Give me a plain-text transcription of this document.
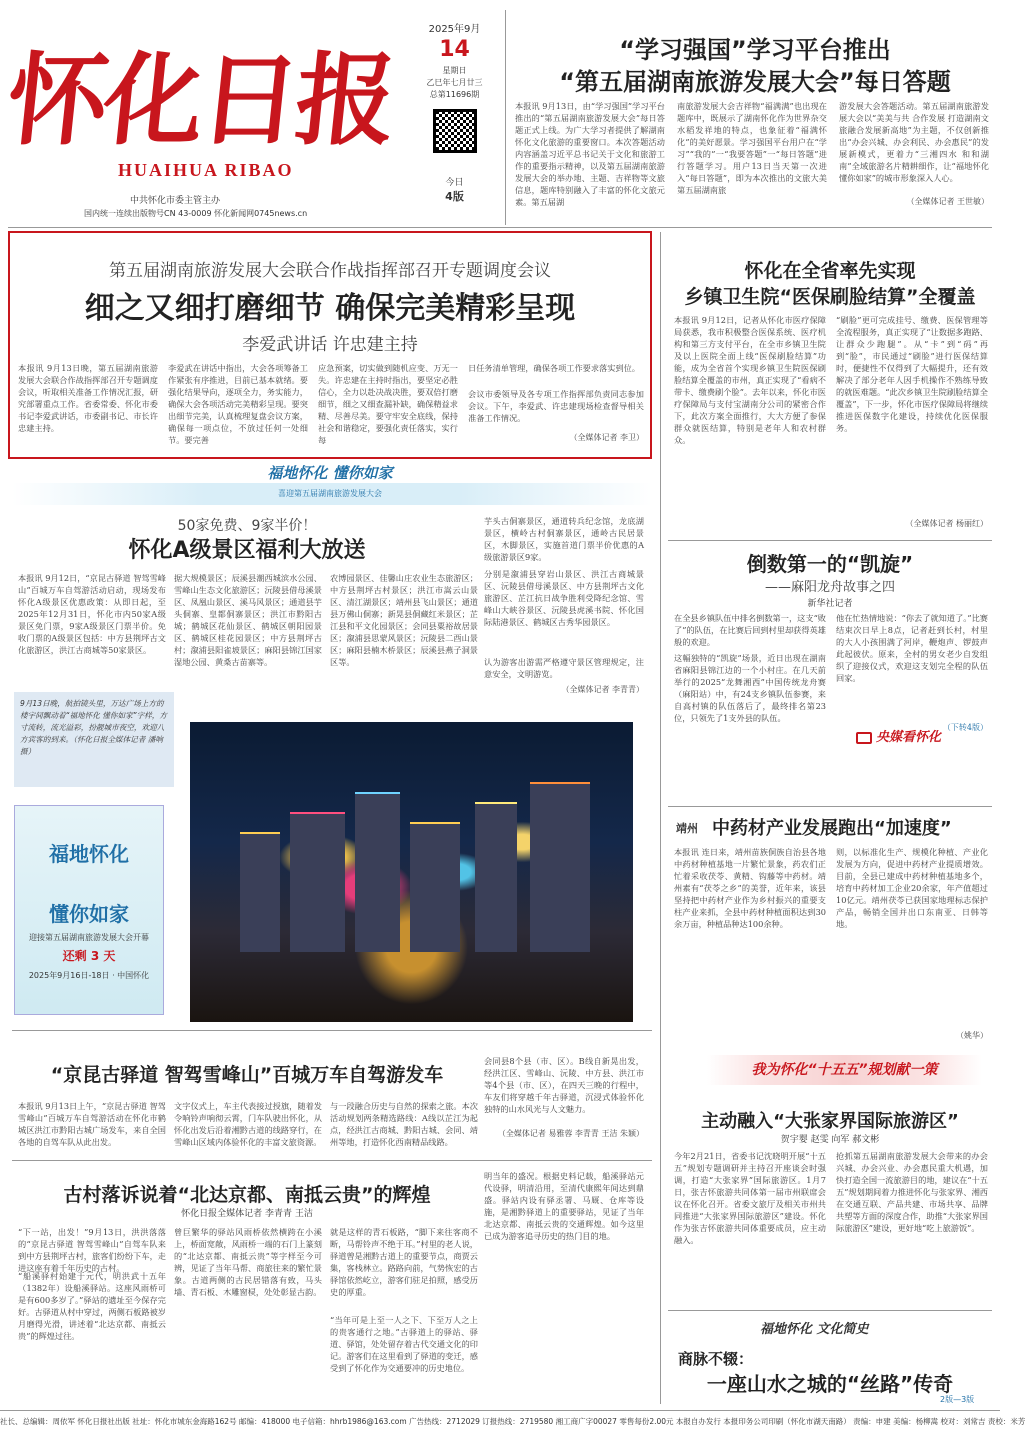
怀化日报
HUAIHUA RIBAO
中共怀化市委主管主办
国内统一连续出版物号CN 43-0009 怀化新闻网0745news.cn
2025年9月
14
星期日
乙巳年七月廿三
总第11696期
今日
4版
“学习强国”学习平台推出
“第五届湖南旅游发展大会”每日答题
本报讯 9月13日，由“学习强国”学习平台推出的“第五届湖南旅游发展大会”每日答题正式上线。为广大学习者提供了解湖南怀化文化旅游的重要窗口。本次答题活动内容涵盖习近平总书记关于文化和旅游工作的重要指示精神，以及第五届湖南旅游发展大会的举办地、主题、吉祥物等文旅信息，题库特别融入了丰富的怀化文旅元素。第五届湖
南旅游发展大会吉祥物“福满满”也出现在题库中，既展示了湖南怀化作为世界杂交水稻发祥地的特点，也象征着“福满怀化”的美好愿景。学习强国平台用户在“学习”“我的”一“我要答题”一“每日答题”进行答题学习。用户13日当天第一次进入“每日答题”，即为本次推出的文旅大美第五届湖南旅
游发展大会答题活动。第五届湖南旅游发展大会以“美美与共 合作发展 打造湖南文旅融合发展新高地”为主题，不仅创新推出“办会兴城、办会利民、办会惠民”的发展新模式，更着力“三湘四水 和和湖南”全域旅游名片精耕细作，让“福地怀化 懂你如家”的城市形象深入人心。
（全媒体记者 王世敏）
第五届湖南旅游发展大会联合作战指挥部召开专题调度会议
细之又细打磨细节 确保完美精彩呈现
李爱武讲话 许忠建主持
本报讯 9月13日晚，第五届湖南旅游发展大会联合作战指挥部召开专题调度会议，听取相关准备工作情况汇报，研究部署重点工作。省委常委、怀化市委书记李爱武讲话，市委副书记、市长许忠建主持。
李爱武在讲话中指出，大会各项筹备工作紧张有序推进，目前已基本就绪。要强化结果导向，逐项全力，务实能力，确保大会各项活动完美精彩呈现。要突出细节完美，认真梳理复盘会议方案，确保每一项点位，不放过任何一处细节。要完善
应急预案，切实做到随机应变、万无一失。许忠建在主持时指出，要坚定必胜信心，全力以赴决战决胜，要双倍打磨细节，细之又细查漏补缺，确保精益求精、尽善尽美。要守牢安全底线，保持社会和谐稳定，要强化责任落实，实行每
日任务清单管理，确保各项工作要求落实到位。
会议市委领导及各专项工作指挥部负责同志参加会议。下午，李爱武、许忠建现场检查督导相关准备工作情况。
（全媒体记者 李卫）
福地怀化 懂你如家
喜迎第五届湖南旅游发展大会
50家免费、9家半价！
怀化A级景区福利大放送
芋头古侗寨景区，通道转兵纪念馆，龙底湖景区，横岭古村侗寨景区，通岭古民居景区，木脚景区，实施首道门票半价优惠的A级旅游景区9家。
本报讯 9月12日，“京昆古驿道 智驾雪峰山”百城万车自驾游活动启动，现场发布怀化A级景区优惠政策：从即日起，至2025年12月31日，怀化市内50家A级景区免门票，9家A级景区门票半价。免收门票的A级景区包括：中方县荆坪古文化旅游区，洪江古商城等50家景区。
据大规模景区；辰溪县潮西城滨水公园、雪峰山生态文化旅游区；沅陵县借母溪景区、凤凰山景区、溪马风景区；通道县芋头侗寨、皇都侗寨景区；洪江市黔阳古城；鹤城区花仙景区、鹤城区朝阳园景区、鹤城区桂花园景区；中方县荆坪古村；溆浦县阳雀坡景区；麻阳县锦江国家湿地公园、黄桑古苗寨等。
农博园景区、佳馨山庄农业生态旅游区；中方县荆坪古村景区；洪江市嵩云山景区、清江湖景区；靖州县飞山景区；通道县万佛山侗寨；新晃县侗藏红米景区；芷江县和平文化园景区；会同县粟裕故居景区；溆浦县思蒙风景区；沅陵县二酉山景区；麻阳县楠木桥景区；辰溪县燕子洞景区等。
分别是溆浦县穿岩山景区、洪江古商城景区、沅陵县借母溪景区、中方县荆坪古文化旅游区、芷江抗日战争胜利受降纪念馆、雪峰山大峡谷景区、沅陵县虎溪书院、怀化国际陆港景区、鹤城区古秀华园景区。
认为游客出游需严格遵守景区管理规定，注意安全，文明游览。
（全媒体记者 李青青）
9月13日晚，航拍镜头里，万达广场上方的楼宇间飘动着“福地怀化 懂你如家”字样，方寸流转，流光溢彩，扮靓城市夜空，欢迎八方宾客的到来。（怀化日报全媒体记者 潘响 摄）
福地怀化
懂你如家
迎接第五届湖南旅游发展大会开幕
还剩 3 天
2025年9月16日-18日 · 中国怀化
“京昆古驿道 智驾雪峰山”百城万车自驾游发车
会同县8个县（市、区）。B线自新晃出发，经洪江区、雪峰山、沅陵、中方县、洪江市等4个县（市、区），在四天三晚的行程中，车友们将穿越千年古驿道，沉浸式体验怀化独特的山水风光与人文魅力。
本报讯 9月13日上午，“京昆古驿道 智驾雪峰山”百城万车自驾游活动在怀化市鹤城区洪江市黔阳古城广场发车，来自全国各地的自驾车队从此出发。
文字仪式上，车主代表接过授旗，随着发令响铃声响彻云霄，门车队驶出怀化，从怀化出发后沿着湘黔古道的线路穿行，在雪峰山区域内体验怀化的丰富文旅资源。
与一段融合历史与自然的探索之旅。本次活动规划两条精选路线：A线以芷江为起点，经洪江古商城、黔阳古城、会同、靖州等地，打造怀化西南精品线路。
（全媒体记者 易雅蓉 李青青 王洁 朱颖）
古村落诉说着“北达京都、南抵云贵”的辉煌
怀化日报全媒体记者 李青青 王洁
明当年的盛况。根据史料记载，船溪驿站元代设驿，明清沿用，至清代康熙年间达到鼎盛。驿站内设有驿丞署、马厩、仓库等设施，是湘黔驿道上的重要驿站，见证了当年北达京都、南抵云贵的交通辉煌。如今这里已成为游客追寻历史的热门目的地。
“下一站，出发！”9月13日，洪洪落落的“京昆古驿道 智驾雪峰山”自驾车队来到中方县荆坪古村，旅客们纷纷下车，走进这座有着千年历史的古村。
“船溪驿村始建于元代，明洪武十五年（1382年）设船溪驿站。这座风雨桥可是有600多岁了。”驿站的遗址至今保存完好。古驿道从村中穿过，两侧石板路被岁月磨得光滑，讲述着“北达京都、南抵云贵”的辉煌过往。
曾巨繁华的驿站风雨桥依然横跨在小溪上，桥面宽敞，风雨桥一端的石门上篆刻的“北达京都、南抵云贵”等字样至今可辨，见证了当年马帮、商旅往来的繁忙景象。古道两侧的古民居错落有致，马头墙、青石板、木雕窗棂，处处彰显古韵。
就是这样的青石板路，“脚下来往客商不断，马帮铃声不绝于耳。”村里的老人说，驿道曾是湘黔古道上的重要节点，商贾云集，客栈林立。路路向前，气势恢宏的古驿馆依然屹立，游客们驻足拍照，感受历史的厚重。
“当年可是上至一人之下、下至万人之上的贵客通行之地。”古驿道上的驿站、驿道、驿馆，处处留存着古代交通文化的印记。游客们在这里看到了驿道的变迁，感受到了怀化作为交通要冲的历史地位。
怀化在全省率先实现
乡镇卫生院“医保刷脸结算”全覆盖
本报讯 9月12日，记者从怀化市医疗保障局获悉，我市积极整合医保系统、医疗机构和第三方支付平台，在全市乡镇卫生院及以上医院全面上线“医保刷脸结算”功能，成为全省首个实现乡镇卫生院医保刷脸结算全覆盖的市州，真正实现了“看病不带卡、缴费刷个脸”。去年以来，怀化市医疗保障局与支付宝湖南分公司的紧密合作下，此次方案全面推行，大大方便了参保群众就医结算，特别是老年人和农村群众。
“刷脸”更可完成挂号、缴费、医保管理等全流程服务，真正实现了“让数据多跑路、让群众少跑腿”。从“卡”到“码”再到“脸”，市民通过“刷脸”进行医保结算时，便捷性不仅得到了大幅提升，还有效解决了部分老年人因手机操作不熟练导致的就医难题。“此次乡镇卫生院刷脸结算全覆盖”，下一步，怀化市医疗保障局将继续推进医保数字化建设，持续优化医保服务。
（全媒体记者 杨丽红）
倒数第一的“凯旋”
——麻阳龙舟故事之四
新华社记者
在全县乡镇队伍中排名倒数第一，这支“败了”的队伍，在比赛后回到村里却获得英雄般的欢迎。
这幅独特的“凯旋”场景，近日出现在湖南省麻阳县锦江边的一个小村庄。在几天前举行的2025“龙舞湘西”中国传统龙舟赛（麻阳站）中，有24支乡镇队伍参赛，来自高村镇的队伍落后了，最终排名第23位，只领先了1支外县的队伍。
他在忙热情地说：“你去了就知道了。”比赛结束次日早上8点，记者赶到长村，村里的大人小孩围满了河岸，鞭炮声、锣鼓声此起彼伏。原来，全村的男女老少自发组织了迎接仪式，欢迎这支划完全程的队伍回家。
（下转4版）
央媒看怀化
靖州 中药材产业发展跑出“加速度”
本报讯 连日来，靖州苗族侗族自治县各地中药材种植基地一片繁忙景象，药农们正忙着采收茯苓、黄精、钩藤等中药材。靖州素有“茯苓之乡”的美誉，近年来，该县坚持把中药材产业作为乡村振兴的重要支柱产业来抓，全县中药材种植面积达到30余万亩，种植品种达100余种。
则，以标准化生产、规模化种植、产业化发展为方向，促进中药材产业提质增效。目前，全县已建成中药材种植基地多个，培育中药材加工企业20余家，年产值超过10亿元。靖州茯苓已获国家地理标志保护产品，畅销全国并出口东南亚、日韩等地。
（姚华）
我为怀化“十五五”规划献一策
主动融入“大张家界国际旅游区”
贺宇婴 赵雯 向军 郝文彬
今年2月21日，省委书记沈晓明开展“十五五”规划专题调研并主持召开座谈会时强调，打造“大张家界”国际旅游区。1月7日，张吉怀旅游共同体第一届市州联席会议在怀化召开。省委文旅厅及相关市州共同推进“大张家界国际旅游区”建设。怀化作为张吉怀旅游共同体重要成员，应主动融入。
抢抓第五届湖南旅游发展大会带来的办会兴城、办会兴业、办会惠民重大机遇，加快打造全国一流旅游目的地，建议在“十五五”规划期间着力推进怀化与张家界、湘西在交通互联、产品共建、市场共享、品牌共塑等方面的深度合作，助推“大张家界国际旅游区”建设，更好地“吃上旅游饭”。
福地怀化 文化简史
商脉不辍：
一座山水之城的“丝路”传奇
2版—3版
社长、总编辑：周依军 怀化日报社出版 社址：怀化市城东金海路162号 邮编：418000 电子信箱：hhrb1986@163.com 广告热线：2712029 订报热线：2719580 湘工商广字00027 零售每份2.00元 本报自办发行 本报印务公司印刷（怀化市湖天南路） 责编：申建 美编：杨柳嵩 校对：刘常吉 责校：米芳
